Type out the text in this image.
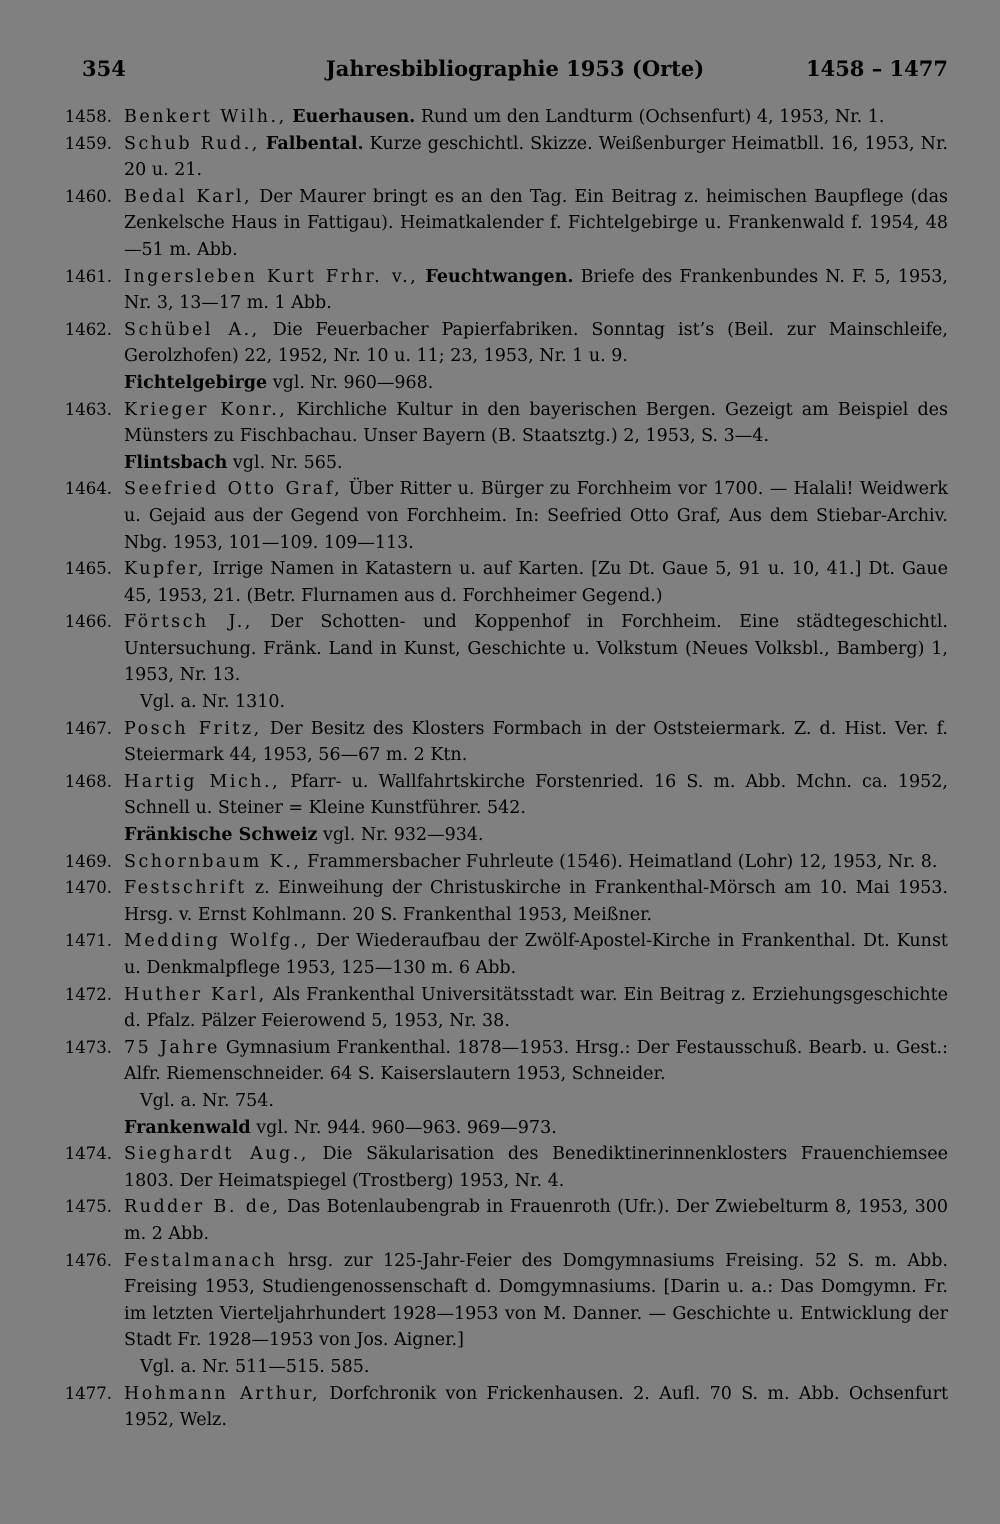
354	Jahresbibliographie 1953 (Orte)	1458 – 1477
1458. Benkert Wilh., Euerhausen. Rund um den Landturm (Ochsenfurt) 4, 1953, Nr. 1.
1459. Schub Rud., Falbental. Kurze geschichtl. Skizze. Weißenburger Heimatbll. 16, 1953, Nr. 20 u. 21.
1460. Bedal Karl, Der Maurer bringt es an den Tag. Ein Beitrag z. heimischen Baupflege (das Zenkelsche Haus in Fattigau). Heimatkalender f. Fichtelgebirge u. Frankenwald f. 1954, 48—51 m. Abb.
1461. Ingersleben Kurt Frhr. v., Feuchtwangen. Briefe des Frankenbundes N. F. 5, 1953, Nr. 3, 13—17 m. 1 Abb.
1462. Schübel A., Die Feuerbacher Papierfabriken. Sonntag ist’s (Beil. zur Mainschleife, Gerolzhofen) 22, 1952, Nr. 10 u. 11; 23, 1953, Nr. 1 u. 9.
Fichtelgebirge vgl. Nr. 960—968.
1463. Krieger Konr., Kirchliche Kultur in den bayerischen Bergen. Gezeigt am Beispiel des Münsters zu Fischbachau. Unser Bayern (B. Staatsztg.) 2, 1953, S. 3—4.
Flintsbach vgl. Nr. 565.
1464. Seefried Otto Graf, Über Ritter u. Bürger zu Forchheim vor 1700. — Halali! Weidwerk u. Gejaid aus der Gegend von Forchheim. In: Seefried Otto Graf, Aus dem Stiebar-Archiv. Nbg. 1953, 101—109. 109—113.
1465. Kupfer, Irrige Namen in Katastern u. auf Karten. [Zu Dt. Gaue 5, 91 u. 10, 41.] Dt. Gaue 45, 1953, 21. (Betr. Flurnamen aus d. Forchheimer Gegend.)
1466. Förtsch J., Der Schotten- und Koppenhof in Forchheim. Eine städtegeschichtl. Untersuchung. Fränk. Land in Kunst, Geschichte u. Volkstum (Neues Volksbl., Bamberg) 1, 1953, Nr. 13.
Vgl. a. Nr. 1310.
1467. Posch Fritz, Der Besitz des Klosters Formbach in der Oststeiermark. Z. d. Hist. Ver. f. Steiermark 44, 1953, 56—67 m. 2 Ktn.
1468. Hartig Mich., Pfarr- u. Wallfahrtskirche Forstenried. 16 S. m. Abb. Mchn. ca. 1952, Schnell u. Steiner = Kleine Kunstführer. 542.
Fränkische Schweiz vgl. Nr. 932—934.
1469. Schornbaum K., Frammersbacher Fuhrleute (1546). Heimatland (Lohr) 12, 1953, Nr. 8.
1470. Festschrift z. Einweihung der Christuskirche in Frankenthal-Mörsch am 10. Mai 1953. Hrsg. v. Ernst Kohlmann. 20 S. Frankenthal 1953, Meißner.
1471. Medding Wolfg., Der Wiederaufbau der Zwölf-Apostel-Kirche in Frankenthal. Dt. Kunst u. Denkmalpflege 1953, 125—130 m. 6 Abb.
1472. Huther Karl, Als Frankenthal Universitätsstadt war. Ein Beitrag z. Erziehungsgeschichte d. Pfalz. Pälzer Feierowend 5, 1953, Nr. 38.
1473. 75 Jahre Gymnasium Frankenthal. 1878—1953. Hrsg.: Der Festausschuß. Bearb. u. Gest.: Alfr. Riemenschneider. 64 S. Kaiserslautern 1953, Schneider.
Vgl. a. Nr. 754.
Frankenwald vgl. Nr. 944. 960—963. 969—973.
1474. Sieghardt Aug., Die Säkularisation des Benediktinerinnenklosters Frauenchiemsee 1803. Der Heimatspiegel (Trostberg) 1953, Nr. 4.
1475. Rudder B. de, Das Botenlaubengrab in Frauenroth (Ufr.). Der Zwiebelturm 8, 1953, 300 m. 2 Abb.
1476. Festalmanach hrsg. zur 125-Jahr-Feier des Domgymnasiums Freising. 52 S. m. Abb. Freising 1953, Studiengenossenschaft d. Domgymnasiums. [Darin u. a.: Das Domgymn. Fr. im letzten Vierteljahrhundert 1928—1953 von M. Danner. — Geschichte u. Entwicklung der Stadt Fr. 1928—1953 von Jos. Aigner.]
Vgl. a. Nr. 511—515. 585.
1477. Hohmann Arthur, Dorfchronik von Frickenhausen. 2. Aufl. 70 S. m. Abb. Ochsenfurt 1952, Welz.
